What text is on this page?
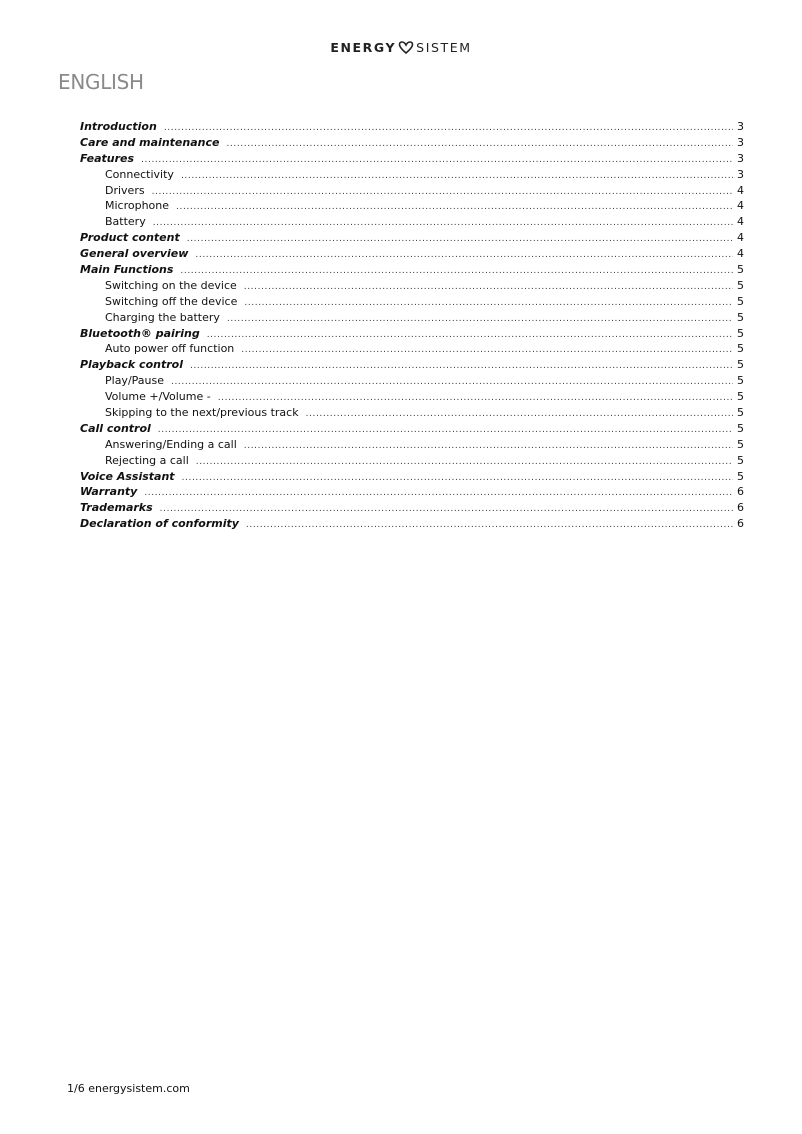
ENERGY SISTEM
ENGLISH
Introduction .....	3
Care and maintenance .....	3
Features .....	3
Connectivity .....	3
Drivers .....	4
Microphone .....	4
Battery .....	4
Product content .....	4
General overview .....	4
Main Functions .....	5
Switching on the device .....	5
Switching off the device .....	5
Charging the battery .....	5
Bluetooth® pairing .....	5
Auto power off function .....	5
Playback control .....	5
Play/Pause .....	5
Volume +/Volume - .....	5
Skipping to the next/previous track .....	5
Call control .....	5
Answering/Ending a call .....	5
Rejecting a call .....	5
Voice Assistant .....	5
Warranty .....	6
Trademarks .....	6
Declaration of conformity .....	6
1/6 energysistem.com
